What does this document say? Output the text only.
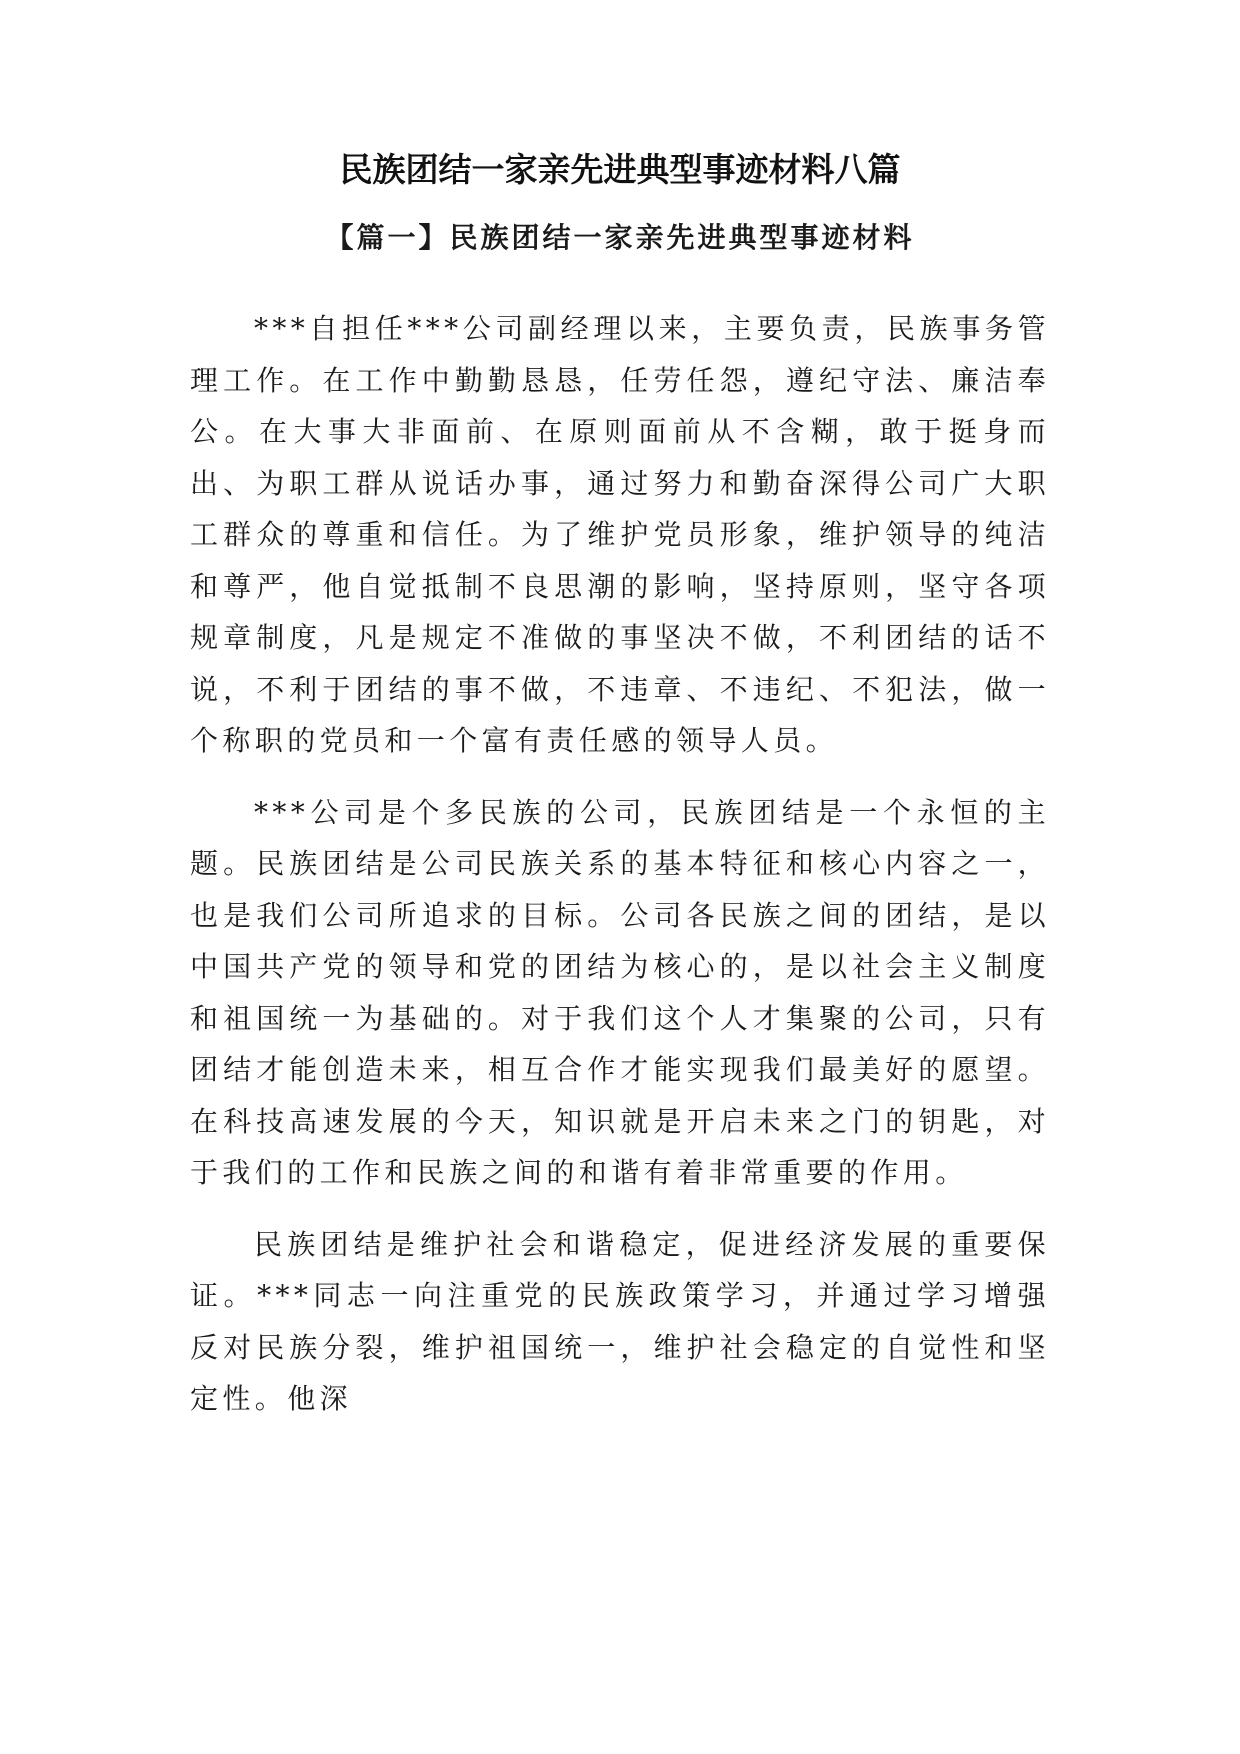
民族团结一家亲先进典型事迹材料八篇
【篇一】民族团结一家亲先进典型事迹材料

***自担任***公司副经理以来，主要负责，民族事务管理工作。在工作中勤勤恳恳，任劳任怨，遵纪守法、廉洁奉公。在大事大非面前、在原则面前从不含糊，敢于挺身而出、为职工群从说话办事，通过努力和勤奋深得公司广大职工群众的尊重和信任。为了维护党员形象，维护领导的纯洁和尊严，他自觉抵制不良思潮的影响，坚持原则，坚守各项规章制度，凡是规定不准做的事坚决不做，不利团结的话不说，不利于团结的事不做，不违章、不违纪、不犯法，做一个称职的党员和一个富有责任感的领导人员。

***公司是个多民族的公司，民族团结是一个永恒的主题。民族团结是公司民族关系的基本特征和核心内容之一，也是我们公司所追求的目标。公司各民族之间的团结，是以中国共产党的领导和党的团结为核心的，是以社会主义制度和祖国统一为基础的。对于我们这个人才集聚的公司，只有团结才能创造未来，相互合作才能实现我们最美好的愿望。在科技高速发展的今天，知识就是开启未来之门的钥匙，对于我们的工作和民族之间的和谐有着非常重要的作用。

民族团结是维护社会和谐稳定，促进经济发展的重要保证。***同志一向注重党的民族政策学习，并通过学习增强反对民族分裂，维护祖国统一，维护社会稳定的自觉性和坚定性。他深
